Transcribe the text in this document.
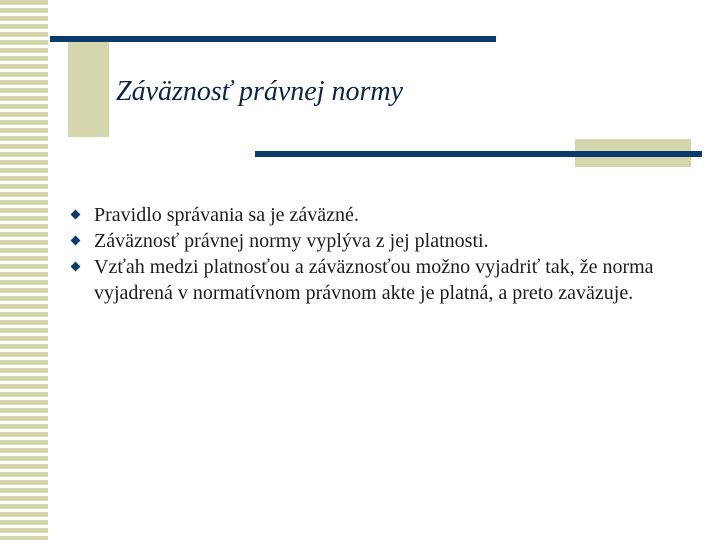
Záväznosť právnej normy
Pravidlo správania sa je záväzné.
Záväznosť právnej normy vyplýva z jej platnosti.
Vzťah medzi platnosťou a záväznosťou možno vyjadriť tak, že norma vyjadrená v normatívnom právnom akte je platná, a preto zaväzuje.
